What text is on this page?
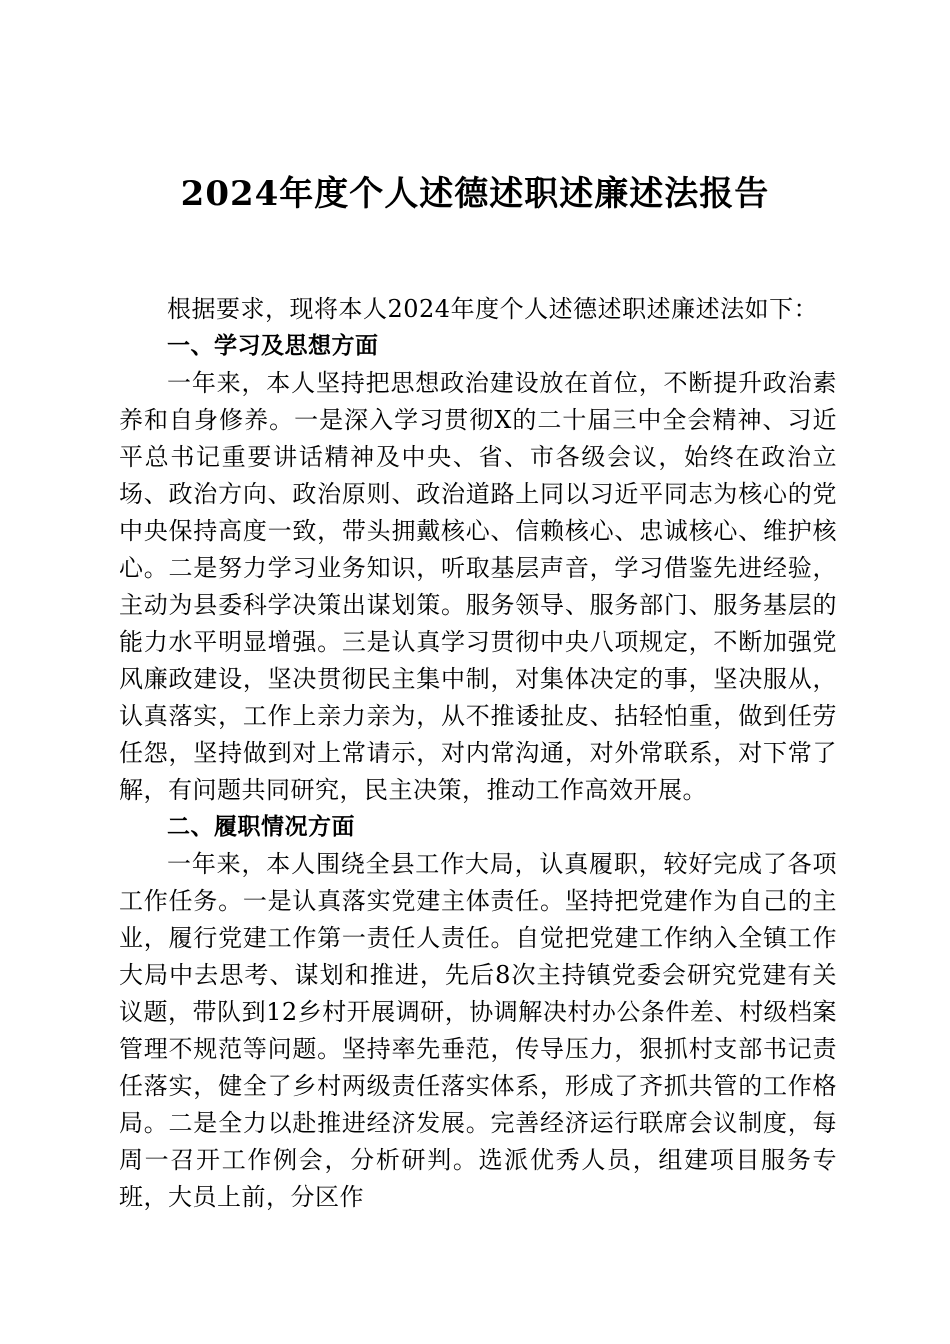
2024年度个人述德述职述廉述法报告

根据要求，现将本人2024年度个人述德述职述廉述法如下：

一、学习及思想方面

一年来，本人坚持把思想政治建设放在首位，不断提升政治素养和自身修养。一是深入学习贯彻X的二十届三中全会精神、习近平总书记重要讲话精神及中央、省、市各级会议，始终在政治立场、政治方向、政治原则、政治道路上同以习近平同志为核心的党中央保持高度一致，带头拥戴核心、信赖核心、忠诚核心、维护核心。二是努力学习业务知识，听取基层声音，学习借鉴先进经验，主动为县委科学决策出谋划策。服务领导、服务部门、服务基层的能力水平明显增强。三是认真学习贯彻中央八项规定，不断加强党风廉政建设，坚决贯彻民主集中制，对集体决定的事，坚决服从，认真落实，工作上亲力亲为，从不推诿扯皮、拈轻怕重，做到任劳任怨，坚持做到对上常请示，对内常沟通，对外常联系，对下常了解，有问题共同研究，民主决策，推动工作高效开展。

二、履职情况方面

一年来，本人围绕全县工作大局，认真履职，较好完成了各项工作任务。一是认真落实党建主体责任。坚持把党建作为自己的主业，履行党建工作第一责任人责任。自觉把党建工作纳入全镇工作大局中去思考、谋划和推进，先后8次主持镇党委会研究党建有关议题，带队到12乡村开展调研，协调解决村办公条件差、村级档案管理不规范等问题。坚持率先垂范，传导压力，狠抓村支部书记责任落实，健全了乡村两级责任落实体系，形成了齐抓共管的工作格局。二是全力以赴推进经济发展。完善经济运行联席会议制度，每周一召开工作例会，分析研判。选派优秀人员，组建项目服务专班，大员上前，分区作
